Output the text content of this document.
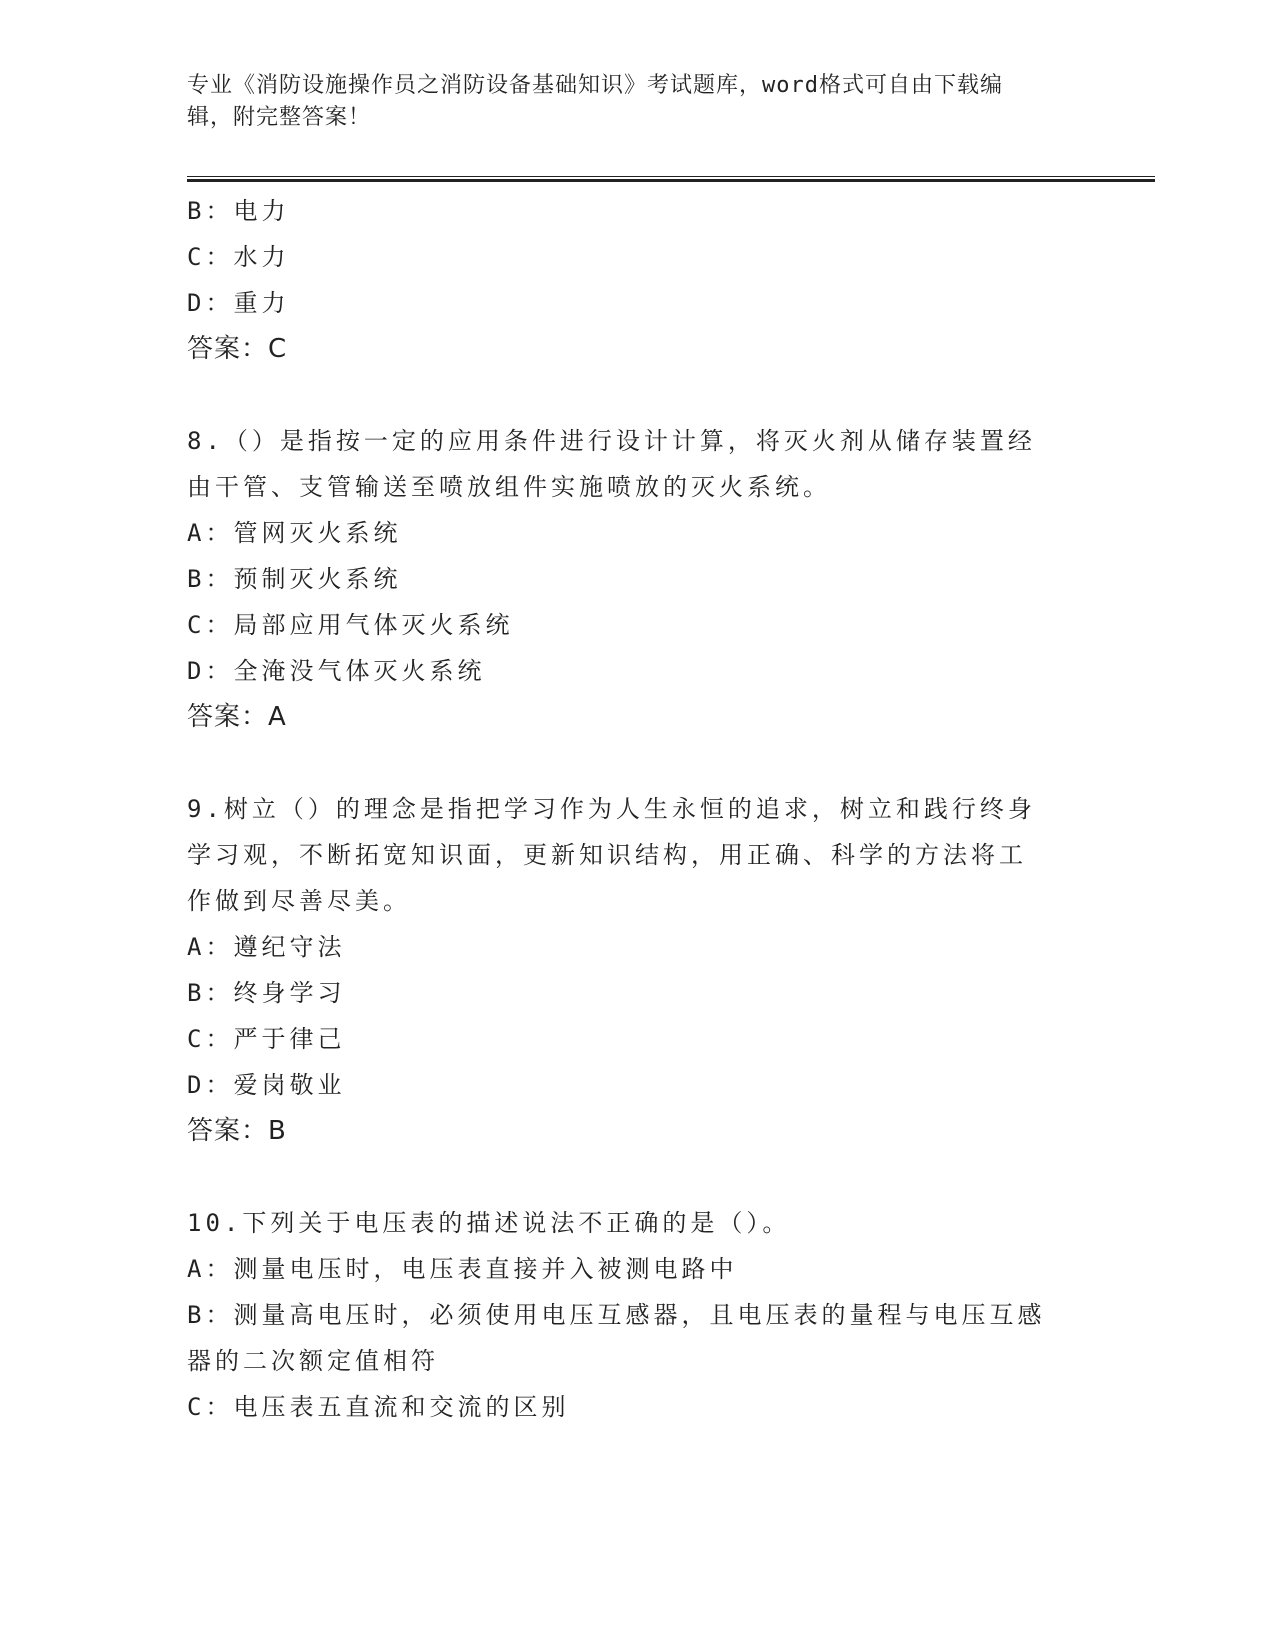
专业《消防设施操作员之消防设备基础知识》考试题库，word格式可自由下载编
辑，附完整答案！
B：电力
C：水力
D：重力
答案：C
8.（）是指按一定的应用条件进行设计计算，将灭火剂从储存装置经
由干管、支管输送至喷放组件实施喷放的灭火系统。
A：管网灭火系统
B：预制灭火系统
C：局部应用气体灭火系统
D：全淹没气体灭火系统
答案：A
9.树立（）的理念是指把学习作为人生永恒的追求，树立和践行终身
学习观，不断拓宽知识面，更新知识结构，用正确、科学的方法将工
作做到尽善尽美。
A：遵纪守法
B：终身学习
C：严于律己
D：爱岗敬业
答案：B
10.下列关于电压表的描述说法不正确的是（）。
A：测量电压时，电压表直接并入被测电路中
B：测量高电压时，必须使用电压互感器，且电压表的量程与电压互感
器的二次额定值相符
C：电压表五直流和交流的区别
